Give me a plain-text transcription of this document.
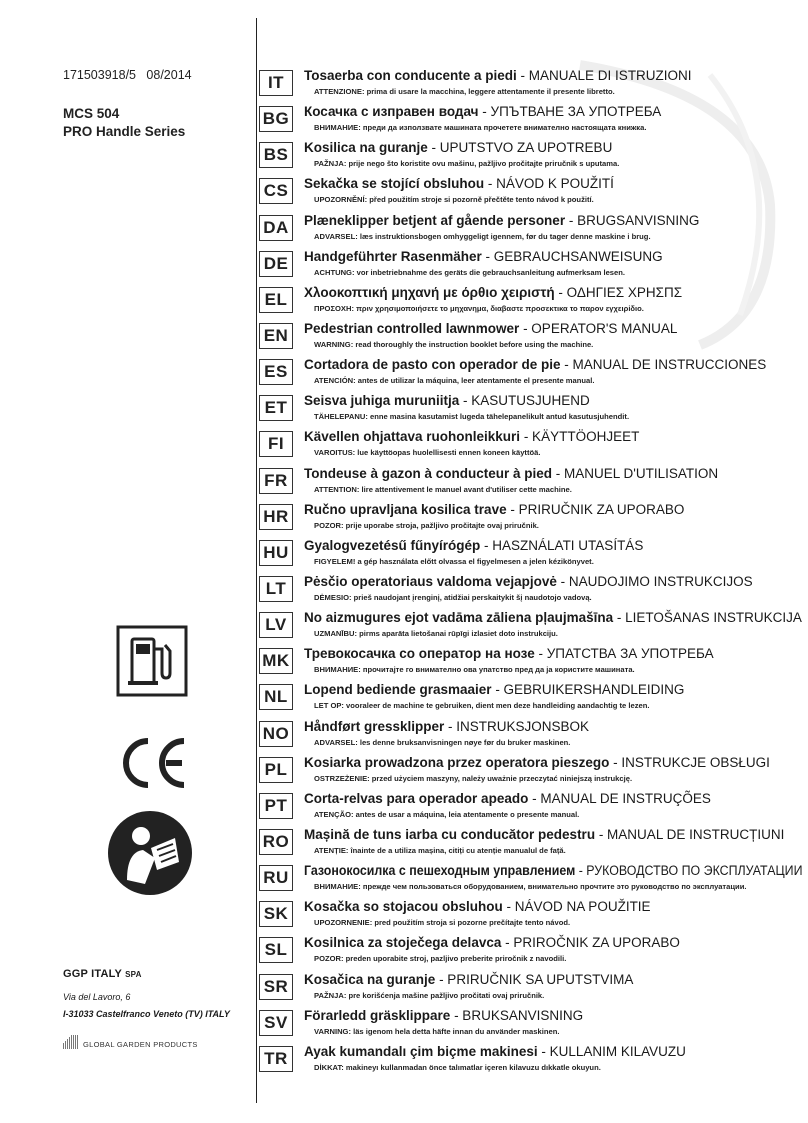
171503918/5 08/2014
MCS 504
PRO Handle Series
GGP ITALY SPA
Via del Lavoro, 6
I-31033 Castelfranco Veneto (TV) ITALY
GLOBAL GARDEN PRODUCTS
IT	Tosaerba con conducente a piedi - MANUALE DI ISTRUZIONI
ATTENZIONE: prima di usare la macchina, leggere attentamente il presente libretto.
BG Косачка с изправен водач - УПЪТВАНЕ ЗА УПОТРЕБА
ВНИМАНИЕ: преди да използвате машината прочетете внимателно настоящата книжка.
BS	Kosilica na guranje - UPUTSTVO ZA UPOTREBU
PAŽNJA: prije nego što koristite ovu mašinu, pažljivo pročitajte priručnik s uputama.
CS	Sekačka se stojící obsluhou - NÁVOD K POUŽITÍ
UPOZORNĚNÍ: před použitím stroje si pozorně přečtěte tento návod k použití.
DA	Plæneklipper betjent af gående personer - BRUGSANVISNING
ADVARSEL: læs instruktionsbogen omhyggeligt igennem, før du tager denne maskine i brug.
DE	Handgeführter Rasenmäher - GEBRAUCHSANWEISUNG
ACHTUNG: vor inbetriebnahme des geräts die gebrauchsanleitung aufmerksam lesen.
EL	Χλοοκοπτική μηχανή με όρθιο χειριστή - ΟΔΗΓΙΕΣ ΧΡΗΣΠΣ
ΠΡΟΣΟΧΗ: πριν χρησιμοποιήσετε το μηχανημα, διαβαστε προσεκτικα το παρον εγχειρiδιο.
EN	Pedestrian controlled lawnmower - OPERATOR'S MANUAL
WARNING: read thoroughly the instruction booklet before using the machine.
ES	Cortadora de pasto con operador de pie - MANUAL DE INSTRUCCIONES
ATENCIÓN: antes de utilizar la máquina, leer atentamente el presente manual.
ET	Seisva juhiga muruniitja - KASUTUSJUHEND
TÄHELEPANU: enne masina kasutamist lugeda tähelepanelikult antud kasutusjuhendit.
FI	Kävellen ohjattava ruohonleikkuri - KÄYTTÖOHJEET
VAROITUS: lue käyttöopas huolellisesti ennen koneen käyttöä.
FR	Tondeuse à gazon à conducteur à pied - MANUEL D'UTILISATION
ATTENTION: lire attentivement le manuel avant d'utiliser cette machine.
HR	Ručno upravljana kosilica trave - PRIRUČNIK ZA UPORABO
POZOR: prije uporabe stroja, pažljivo pročitajte ovaj priručnik.
HU	Gyalogvezetésű fűnyírógép - HASZNÁLATI UTASÍTÁS
FIGYELEM! a gép használata előtt olvassa el figyelmesen a jelen kézikönyvet.
LT	Pėsčio operatoriaus valdoma vejapjovė - NAUDOJIMO INSTRUKCIJOS
DĖMESIO: prieš naudojant įrenginį, atidžiai perskaitykit šį naudotojo vadovą.
LV	No aizmugures ejot vadāma zāliena pļaujmašīna - LIETOŠANAS INSTRUKCIJA
UZMANĪBU: pirms aparāta lietošanai rūpīgi izlasiet doto instrukciju.
MK Тревокосачка со оператор на нозе - УПАТСТВА ЗА УПОТРЕБА
ВНИМАНИЕ: прочитајте го внимателно ова упатство пред да ја користите машината.
NL	Lopend bediende grasmaaier - GEBRUIKERSHANDLEIDING
LET OP: vooraleer de machine te gebruiken, dient men deze handleiding aandachtig te lezen.
NO Håndført gressklipper - INSTRUKSJONSBOK
ADVARSEL: les denne bruksanvisningen nøye før du bruker maskinen.
PL	Kosiarka prowadzona przez operatora pieszego - INSTRUKCJE OBSŁUGI
OSTRZEŻENIE: przed użyciem maszyny, należy uważnie przeczytać niniejszą instrukcję.
PT	Corta-relvas para operador apeado - MANUAL DE INSTRUÇÕES
ATENÇÃO: antes de usar a máquina, leia atentamente o presente manual.
RO Mașină de tuns iarba cu conducător pedestru - MANUAL DE INSTRUCȚIUNI
ATENȚIE: înainte de a utiliza mașina, citiți cu atenție manualul de față.
RU	Газонокосилка с пешеходным управлением - РУКОВОДСТВО ПО ЭКСПЛУАТАЦИИ
ВНИМАНИЕ: прежде чем пользоваться оборудованием, внимательно прочтите это руководство по эксплуатации.
SK	Kosačka so stojacou obsluhou - NÁVOD NA POUŽITIE
UPOZORNENIE: pred použitím stroja si pozorne prečítajte tento návod.
SL	Kosilnica za stoječega delavca - PRIROČNIK ZA UPORABO
POZOR: preden uporabite stroj, pazljivo preberite priročnik z navodili.
SR	Kosačica na guranje - PRIRUČNIK SA UPUTSTVIMA
PAŽNJA: pre korišćenja mašine pažljivo pročitati ovaj priručnik.
SV	Förarledd gräsklippare - BRUKSANVISNING
VARNING: läs igenom hela detta häfte innan du använder maskinen.
TR	Ayak kumandalı çim biçme makinesi - KULLANIM KILAVUZU
DİKKAT: makineyı kullanmadan önce talımatlar içeren kilavuzu dıkkatle okuyun.
